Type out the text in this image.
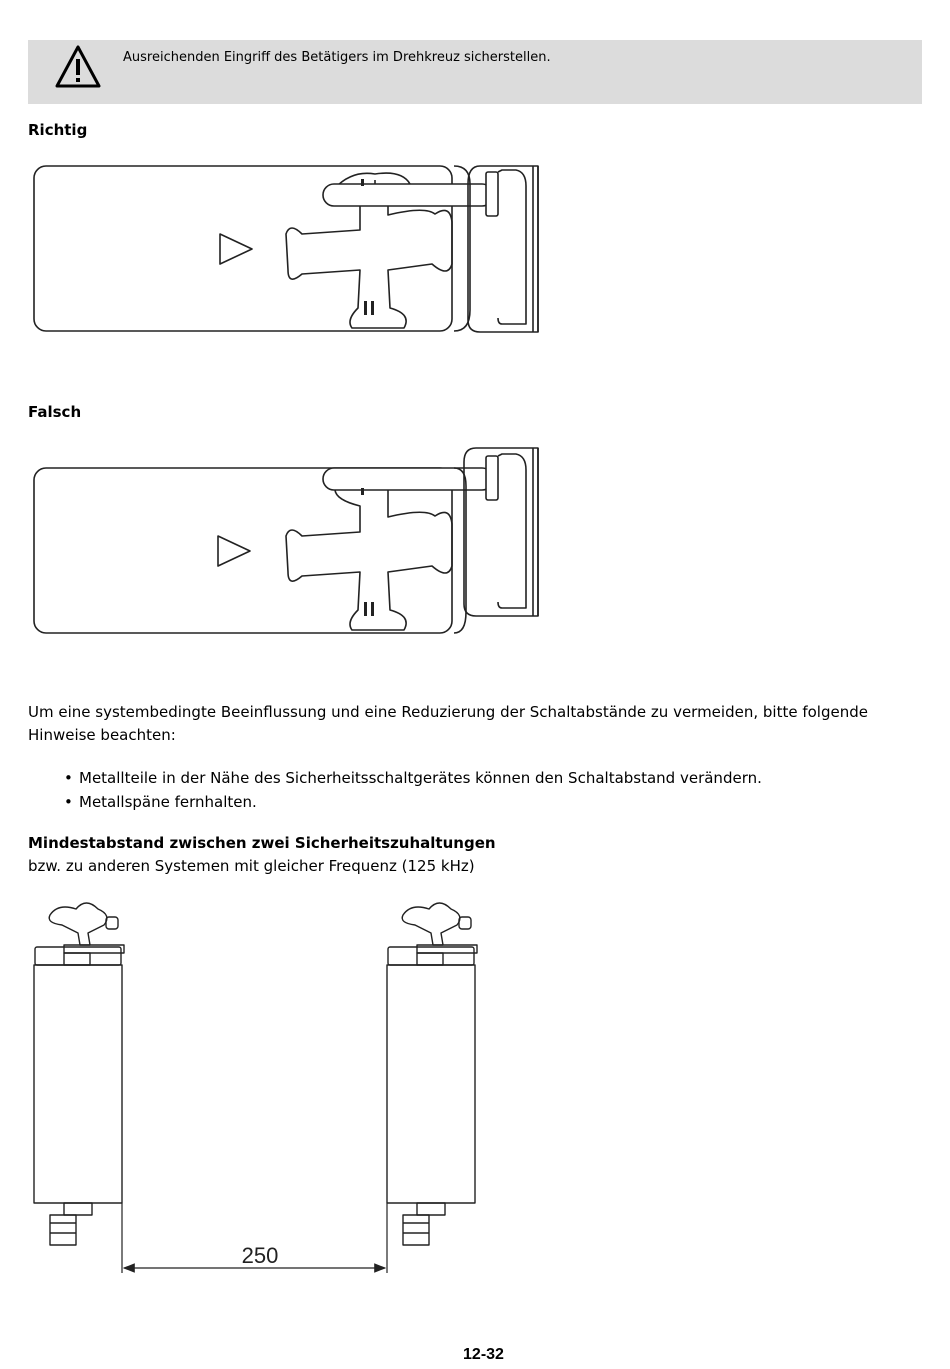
Ausreichenden Eingriff des Betätigers im Drehkreuz sicherstellen.
Richtig
Falsch
Um eine systembedingte Beeinflussung und eine Reduzierung der Schaltabstände zu vermeiden, bitte folgende Hinweise beachten:
• Metallteile in der Nähe des Sicherheitsschaltgerätes können den Schaltabstand verändern.
• Metallspäne fernhalten.
Mindestabstand zwischen zwei Sicherheitszuhaltungen
bzw. zu anderen Systemen mit gleicher Frequenz (125 kHz)
250
12-32
